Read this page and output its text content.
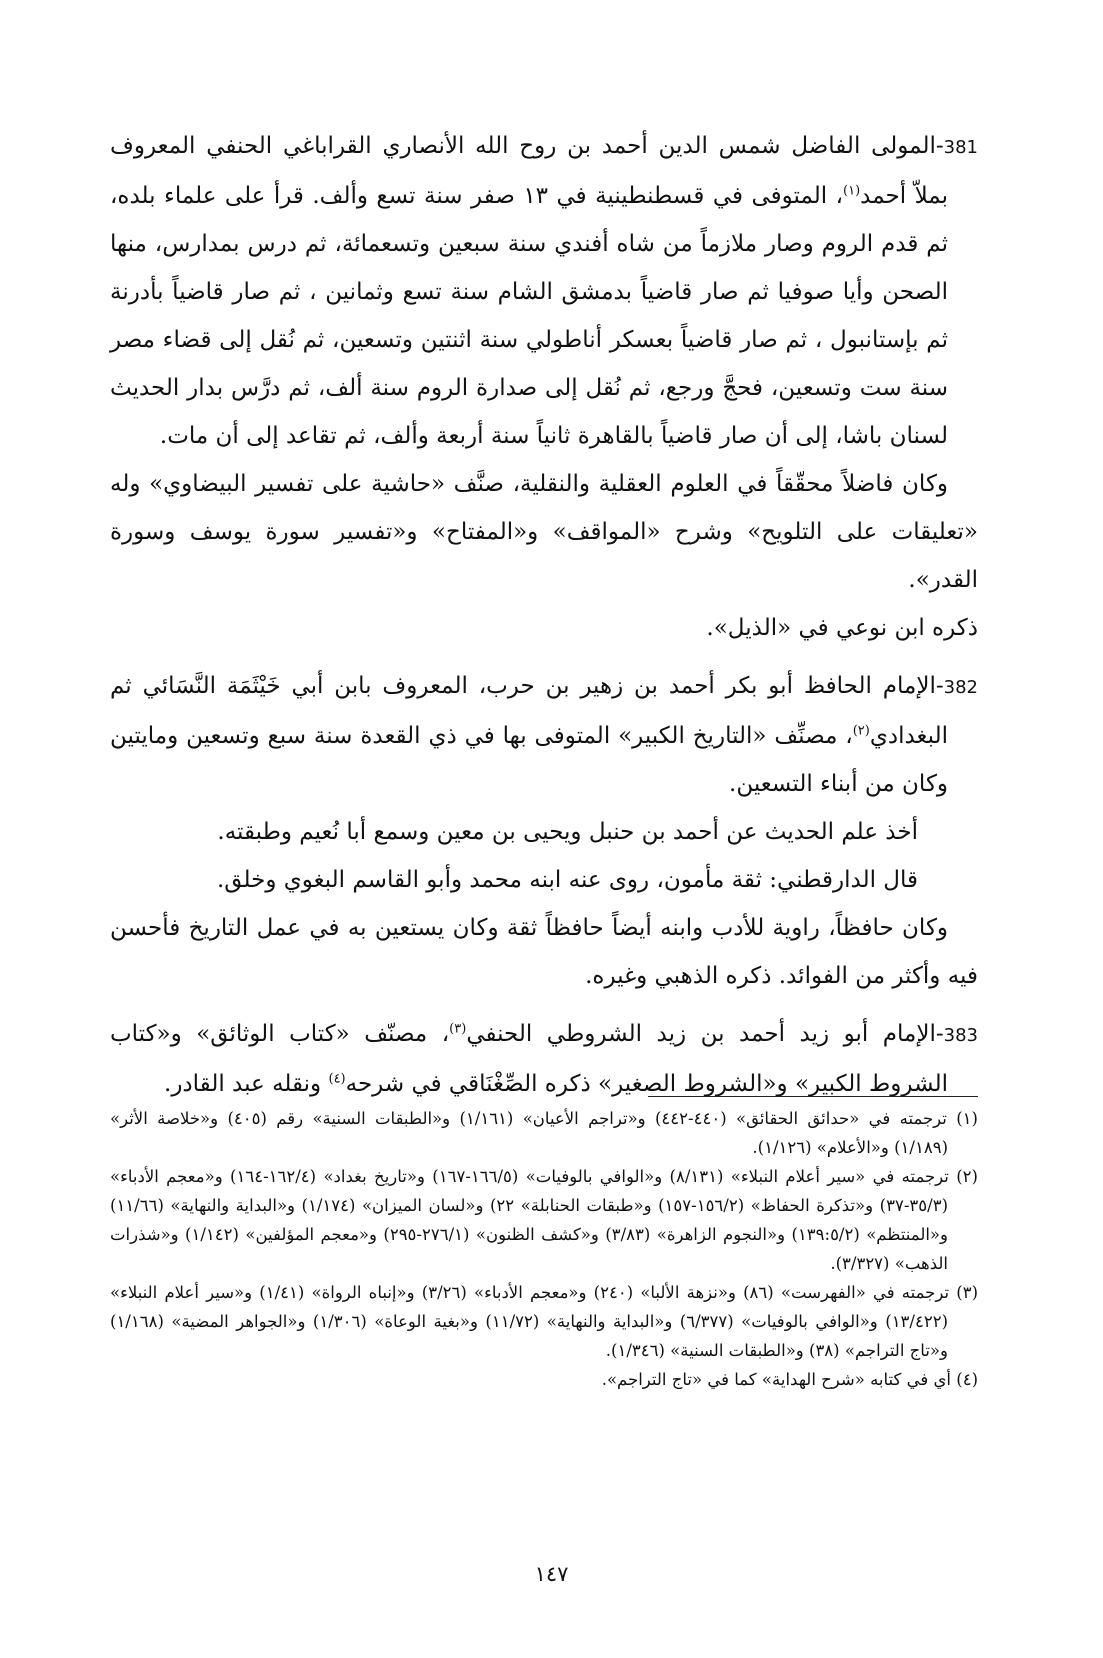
381-المولى الفاضل شمس الدين أحمد بن روح الله الأنصاري القراباغي الحنفي المعروف بملاّ أحمد$^{(١)}$، المتوفى في قسطنطينية في ١٣ صفر سنة تسع وألف. قرأ على علماء بلده، ثم قدم الروم وصار ملازماً من شاه أفندي سنة سبعين وتسعمائة، ثم درس بمدارس، منها الصحن وأيا صوفيا ثم صار قاضياً بدمشق الشام سنة تسع وثمانين ، ثم صار قاضياً بأدرنة ثم بإستانبول ، ثم صار قاضياً بعسكر أناطولي سنة اثنتين وتسعين، ثم نُقل إلى قضاء مصر سنة ست وتسعين، فحجَّ ورجع، ثم نُقل إلى صدارة الروم سنة ألف، ثم درَّس بدار الحديث لسنان باشا، إلى أن صار قاضياً بالقاهرة ثانياً سنة أربعة وألف، ثم تقاعد إلى أن مات.

وكان فاضلاً محقّقاً في العلوم العقلية والنقلية، صنَّف «حاشية على تفسير البيضاوي» وله «تعليقات على التلويح» وشرح «المواقف» و«المفتاح» و«تفسير سورة يوسف وسورة القدر».

ذكره ابن نوعي في «الذيل».

382-الإمام الحافظ أبو بكر أحمد بن زهير بن حرب، المعروف بابن أبي خَيْثَمَة النَّسَائي ثم البغدادي$^{(٢)}$، مصنِّف «التاريخ الكبير» المتوفى بها في ذي القعدة سنة سبع وتسعين ومايتين وكان من أبناء التسعين.

أخذ علم الحديث عن أحمد بن حنبل ويحيى بن معين وسمع أبا نُعيم وطبقته.

قال الدارقطني: ثقة مأمون، روى عنه ابنه محمد وأبو القاسم البغوي وخلق.

وكان حافظاً، راوية للأدب وابنه أيضاً حافظاً ثقة وكان يستعين به في عمل التاريخ فأحسن فيه وأكثر من الفوائد. ذكره الذهبي وغيره.

383-الإمام أبو زيد أحمد بن زيد الشروطي الحنفي$^{(٣)}$، مصنّف «كتاب الوثائق» و«كتاب الشروط الكبير» و«الشروط الصغير» ذكره الصِّغْنَاقي في شرحه$^{(٤)}$ ونقله عبد القادر.

(١) ترجمته في «حدائق الحقائق» (٤٤٠-٤٤٢) و«تراجم الأعيان» (١/١٦١) و«الطبقات السنية» رقم (٤٠٥) و«خلاصة الأثر» (١/١٨٩) و«الأعلام» (١/١٢٦).

(٢) ترجمته في «سير أعلام النبلاء» (٨/١٣١) و«الوافي بالوفيات» (١٦٦/٥-١٦٧) و«تاريخ بغداد» (١٦٢/٤-١٦٤) و«معجم الأدباء» (٣٥/٣-٣٧) و«تذكرة الحفاظ» (١٥٦/٢-١٥٧) و«طبقات الحنابلة» ٢٢) و«لسان الميزان» (١/١٧٤) و«البداية والنهاية» (١١/٦٦) و«المنتظم» (١٣٩:٥/٢) و«النجوم الزاهرة» (٣/٨٣) و«كشف الظنون» (٢٧٦/١-٢٩٥) و«معجم المؤلفين» (١/١٤٢) و«شذرات الذهب» (٣/٣٢٧).

(٣) ترجمته في «الفهرست» (٨٦) و«نزهة الألبا» (٢٤٠) و«معجم الأدباء» (٣/٢٦) و«إنباه الرواة» (١/٤١) و«سير أعلام النبلاء» (١٣/٤٢٢) و«الوافي بالوفيات» (٦/٣٧٧) و«البداية والنهاية» (١١/٧٢) و«بغية الوعاة» (١/٣٠٦) و«الجواهر المضية» (١/١٦٨) و«تاج التراجم» (٣٨) و«الطبقات السنية» (١/٣٤٦).

(٤) أي في كتابه «شرح الهداية» كما في «تاج التراجم».

١٤٧
